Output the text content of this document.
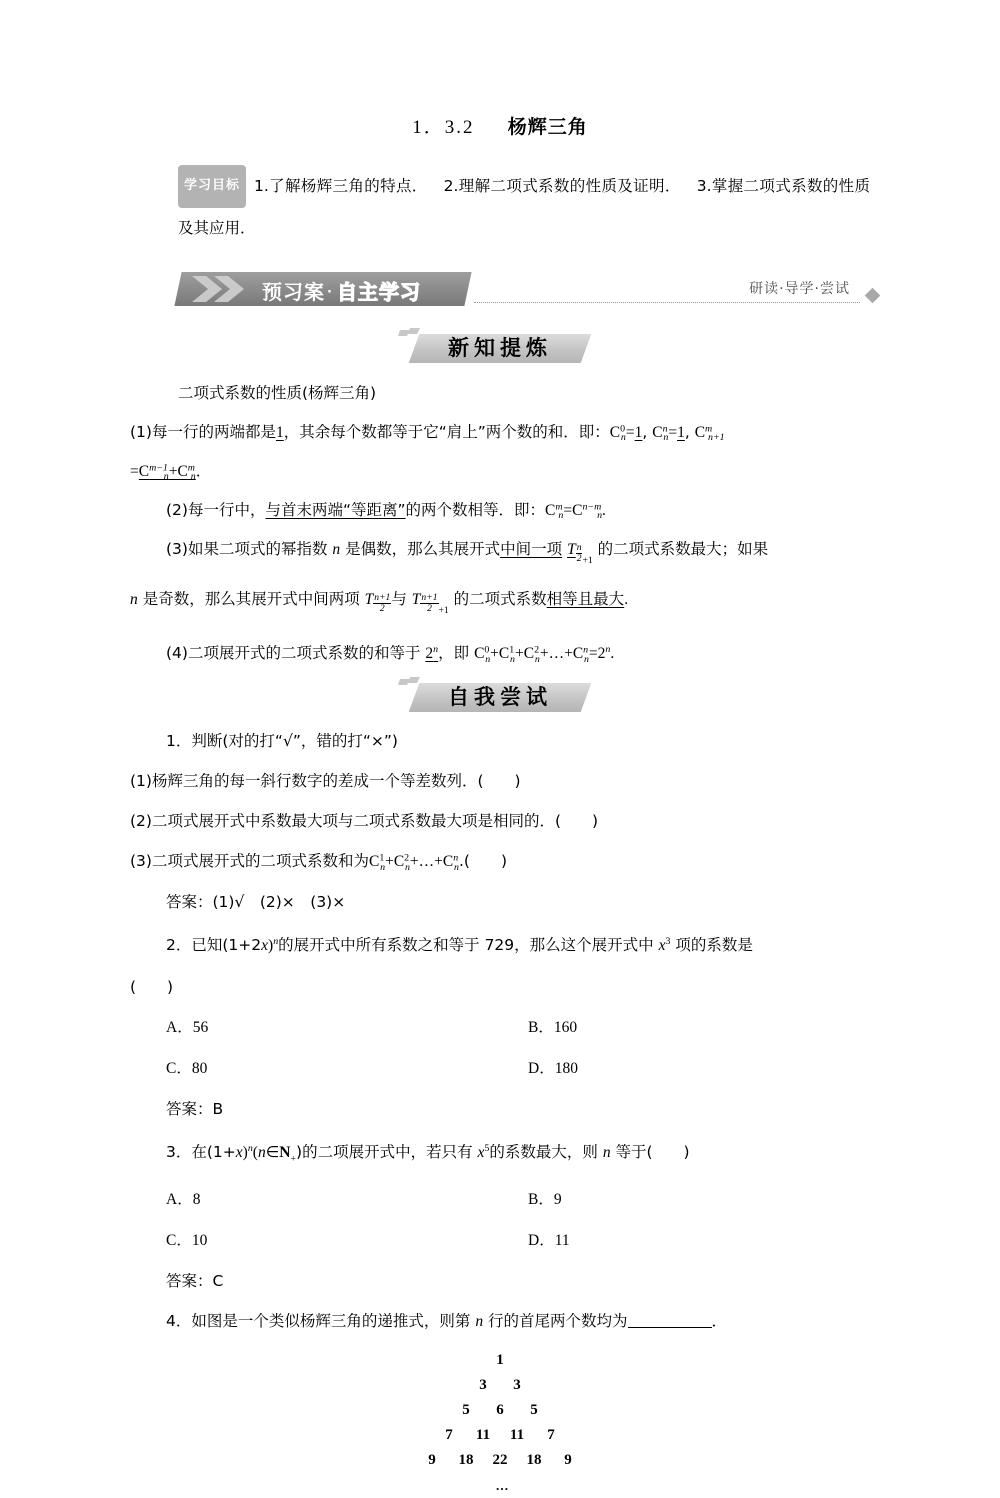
1．3.2 杨辉三角
学习目标 1.了解杨辉三角的特点． 2.理解二项式系数的性质及证明． 3.掌握二项式系数的性质及其应用．
预习案 · 自主学习	研读·导学·尝试
新知提炼
二项式系数的性质(杨辉三角)
(1)每一行的两端都是1，其余每个数都等于它“肩上”两个数的和．即：$C^0_n=1$, $C^n_n=1$, $C^m_{n+1}$
$=C^{m-1}_n+C^m_n$．
(2)每一行中，与首末两端“等距离”的两个数相等．即：$C^m_n=C^{n-m}_n$.
(3)如果二项式的幂指数 n 是偶数，那么其展开式中间一项 T $\frac{n}{2} +1$ 的二项式系数最大；如果
n 是奇数，那么其展开式中间两项 T $\frac{n+1}{2}$ 与 T $\frac{n+1}{2} +1$ 的二项式系数相等且最大.
(4)二项展开式的二项式系数的和等于 2$^n$，即 $C^0_n+C^1_n+C^2_n+\dots+C^n_n=2^n$.
自我尝试
1．判断(对的打“√”，错的打“×”)
(1)杨辉三角的每一斜行数字的差成一个等差数列．(　　)
(2)二项式展开式中系数最大项与二项式系数最大项是相同的．(　　)
(3)二项式展开式的二项式系数和为$C^1_n+C^2_n+\dots+C^n_n$.(　　)
答案：(1)√　(2)×　(3)×
2．已知$(1+2x)^n$的展开式中所有系数之和等于 729，那么这个展开式中 $x^3$ 项的系数是
(　　)
A．56	B．160
C．80	D．180
答案：B
3．在$(1+x)^n(n\in N_+)$的二项展开式中，若只有 $x^5$的系数最大，则 n 等于(　　)
A．8	B．9
C．10	D．11
答案：C
4．如图是一个类似杨辉三角的递推式，则第 n 行的首尾两个数均为	．
1
3 3
5 6 5
7 11 11 7
9 18 22 18 9
…
